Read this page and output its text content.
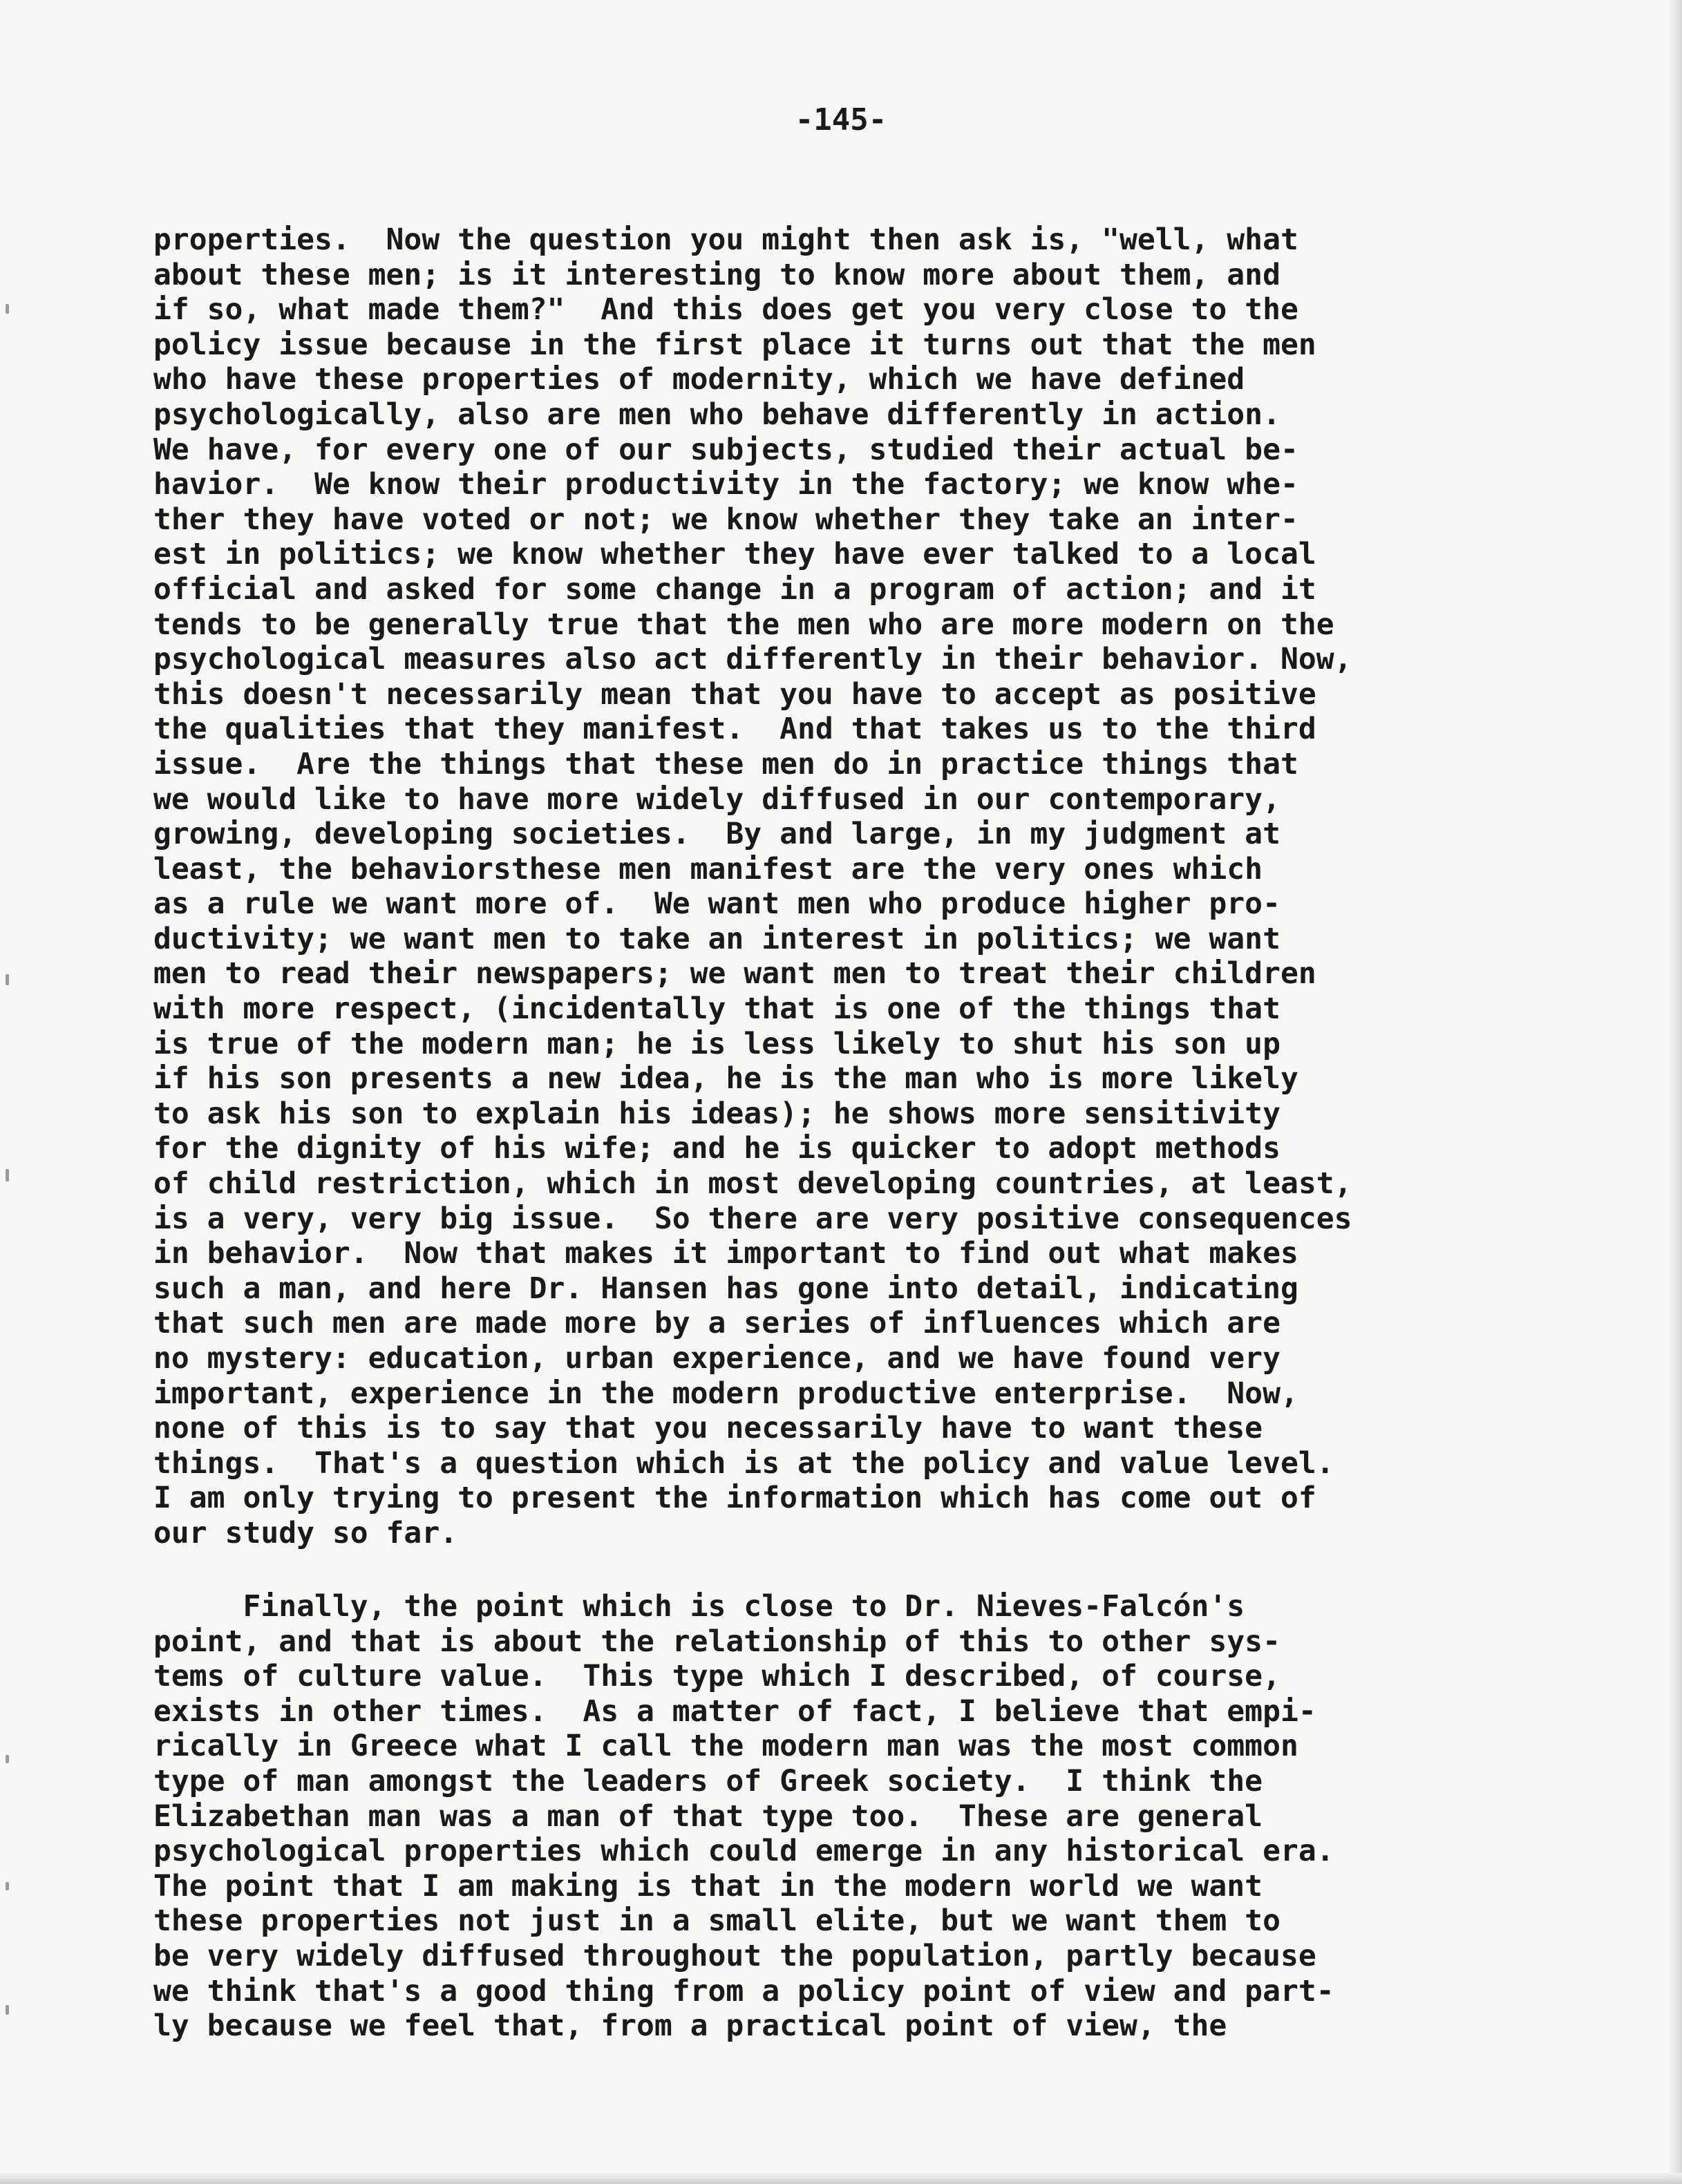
-145-
properties.  Now the question you might then ask is, "well, what
about these men; is it interesting to know more about them, and
if so, what made them?"  And this does get you very close to the
policy issue because in the first place it turns out that the men
who have these properties of modernity, which we have defined
psychologically, also are men who behave differently in action.
We have, for every one of our subjects, studied their actual be-
havior.  We know their productivity in the factory; we know whe-
ther they have voted or not; we know whether they take an inter-
est in politics; we know whether they have ever talked to a local
official and asked for some change in a program of action; and it
tends to be generally true that the men who are more modern on the
psychological measures also act differently in their behavior. Now,
this doesn't necessarily mean that you have to accept as positive
the qualities that they manifest.  And that takes us to the third
issue.  Are the things that these men do in practice things that
we would like to have more widely diffused in our contemporary,
growing, developing societies.  By and large, in my judgment at
least, the behaviorsthese men manifest are the very ones which
as a rule we want more of.  We want men who produce higher pro-
ductivity; we want men to take an interest in politics; we want
men to read their newspapers; we want men to treat their children
with more respect, (incidentally that is one of the things that
is true of the modern man; he is less likely to shut his son up
if his son presents a new idea, he is the man who is more likely
to ask his son to explain his ideas); he shows more sensitivity
for the dignity of his wife; and he is quicker to adopt methods
of child restriction, which in most developing countries, at least,
is a very, very big issue.  So there are very positive consequences
in behavior.  Now that makes it important to find out what makes
such a man, and here Dr. Hansen has gone into detail, indicating
that such men are made more by a series of influences which are
no mystery: education, urban experience, and we have found very
important, experience in the modern productive enterprise.  Now,
none of this is to say that you necessarily have to want these
things.  That's a question which is at the policy and value level.
I am only trying to present the information which has come out of
our study so far.
Finally, the point which is close to Dr. Nieves-Falcón's
point, and that is about the relationship of this to other sys-
tems of culture value.  This type which I described, of course,
exists in other times.  As a matter of fact, I believe that empi-
rically in Greece what I call the modern man was the most common
type of man amongst the leaders of Greek society.  I think the
Elizabethan man was a man of that type too.  These are general
psychological properties which could emerge in any historical era.
The point that I am making is that in the modern world we want
these properties not just in a small elite, but we want them to
be very widely diffused throughout the population, partly because
we think that's a good thing from a policy point of view and part-
ly because we feel that, from a practical point of view, the
